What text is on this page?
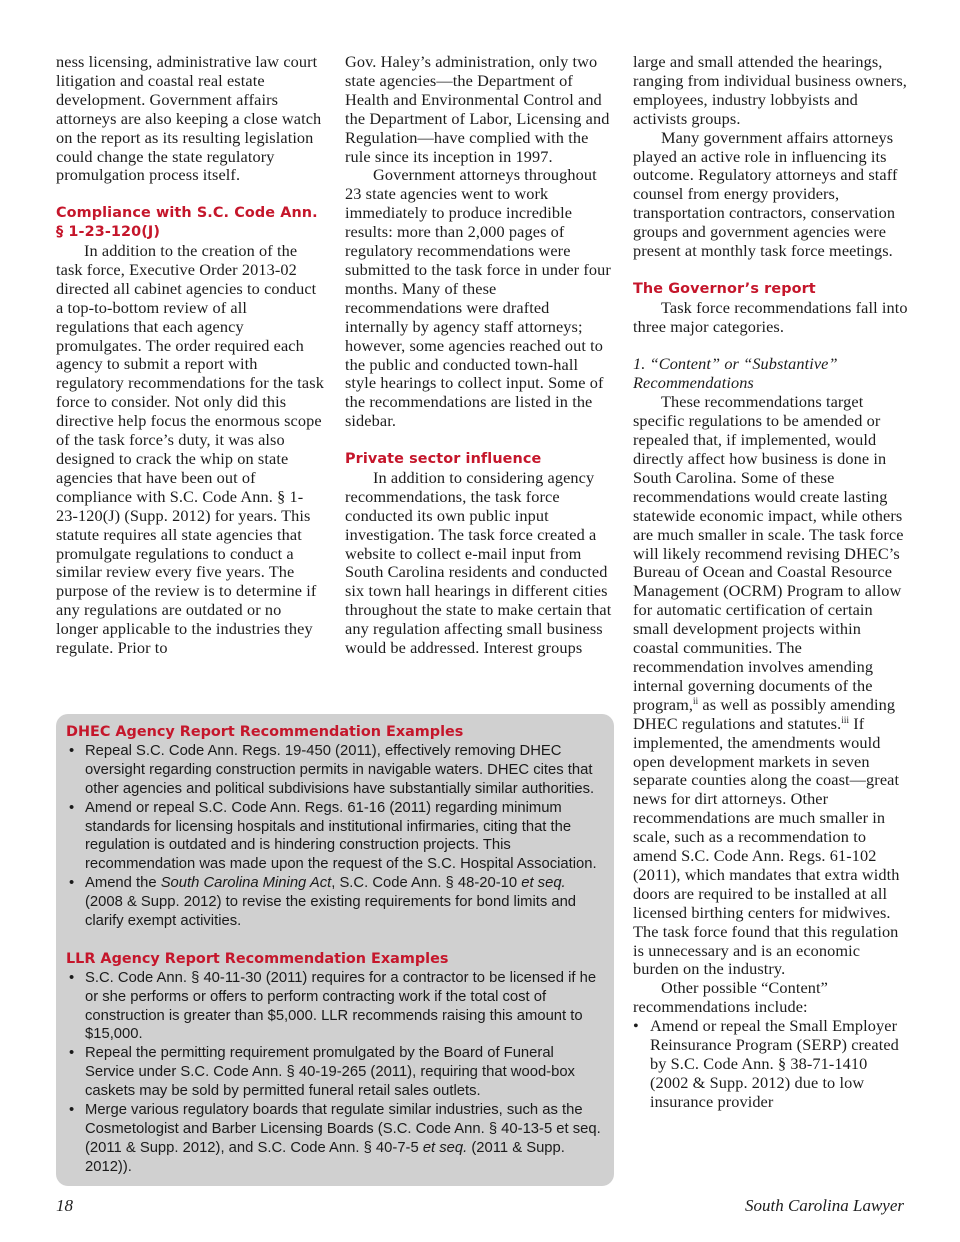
ness licensing, administrative law court litigation and coastal real estate development. Government affairs attorneys are also keeping a close watch on the report as its resulting legislation could change the state regulatory promulgation process itself.

Compliance with S.C. Code Ann. § 1-23-120(J)

In addition to the creation of the task force, Executive Order 2013-02 directed all cabinet agencies to conduct a top-to-bottom review of all regulations that each agency promulgates. The order required each agency to submit a report with regulatory recommendations for the task force to consider. Not only did this directive help focus the enormous scope of the task force’s duty, it was also designed to crack the whip on state agencies that have been out of compliance with S.C. Code Ann. § 1-23-120(J) (Supp. 2012) for years. This statute requires all state agencies that promulgate regulations to conduct a similar review every five years. The purpose of the review is to determine if any regulations are outdated or no longer applicable to the industries they regulate. Prior to

Gov. Haley’s administration, only two state agencies—the Department of Health and Environmental Control and the Department of Labor, Licensing and Regulation—have complied with the rule since its inception in 1997.

Government attorneys throughout 23 state agencies went to work immediately to produce incredible results: more than 2,000 pages of regulatory recommendations were submitted to the task force in under four months. Many of these recommendations were drafted internally by agency staff attorneys; however, some agencies reached out to the public and conducted town-hall style hearings to collect input. Some of the recommendations are listed in the sidebar.

Private sector influence

In addition to considering agency recommendations, the task force conducted its own public input investigation. The task force created a website to collect e-mail input from South Carolina residents and conducted six town hall hearings in different cities throughout the state to make certain that any regulation affecting small business would be addressed. Interest groups

large and small attended the hearings, ranging from individual business owners, employees, industry lobbyists and activists groups.

Many government affairs attorneys played an active role in influencing its outcome. Regulatory attorneys and staff counsel from energy providers, transportation contractors, conservation groups and government agencies were present at monthly task force meetings.

The Governor’s report

Task force recommendations fall into three major categories.

1. “Content” or “Substantive” Recommendations

These recommendations target specific regulations to be amended or repealed that, if implemented, would directly affect how business is done in South Carolina. Some of these recommendations would create lasting statewide economic impact, while others are much smaller in scale. The task force will likely recommend revising DHEC’s Bureau of Ocean and Coastal Resource Management (OCRM) Program to allow for automatic certification of certain small development projects within coastal communities. The recommendation involves amending internal governing documents of the program,$^{ii}$ as well as possibly amending DHEC regulations and statutes.$^{iii}$ If implemented, the amendments would open development markets in seven separate counties along the coast—great news for dirt attorneys. Other recommendations are much smaller in scale, such as a recommendation to amend S.C. Code Ann. Regs. 61-102 (2011), which mandates that extra width doors are required to be installed at all licensed birthing centers for midwives. The task force found that this regulation is unnecessary and is an economic burden on the industry.

Other possible “Content” recommendations include:

• Amend or repeal the Small Employer Reinsurance Program (SERP) created by S.C. Code Ann. § 38-71-1410 (2002 & Supp. 2012) due to low insurance provider

DHEC Agency Report Recommendation Examples

• Repeal S.C. Code Ann. Regs. 19-450 (2011), effectively removing DHEC oversight regarding construction permits in navigable waters. DHEC cites that other agencies and political subdivisions have substantially similar authorities.
• Amend or repeal S.C. Code Ann. Regs. 61-16 (2011) regarding minimum standards for licensing hospitals and institutional infirmaries, citing that the regulation is outdated and is hindering construction projects. This recommendation was made upon the request of the S.C. Hospital Association.
• Amend the South Carolina Mining Act, S.C. Code Ann. § 48-20-10 et seq. (2008 & Supp. 2012) to revise the existing requirements for bond limits and clarify exempt activities.

LLR Agency Report Recommendation Examples

• S.C. Code Ann. § 40-11-30 (2011) requires for a contractor to be licensed if he or she performs or offers to perform contracting work if the total cost of construction is greater than $5,000. LLR recommends raising this amount to $15,000.
• Repeal the permitting requirement promulgated by the Board of Funeral Service under S.C. Code Ann. § 40-19-265 (2011), requiring that wood-box caskets may be sold by permitted funeral retail sales outlets.
• Merge various regulatory boards that regulate similar industries, such as the Cosmetologist and Barber Licensing Boards (S.C. Code Ann. § 40-13-5 et seq. (2011 & Supp. 2012), and S.C. Code Ann. § 40-7-5 et seq. (2011 & Supp. 2012)).
18	South Carolina Lawyer
